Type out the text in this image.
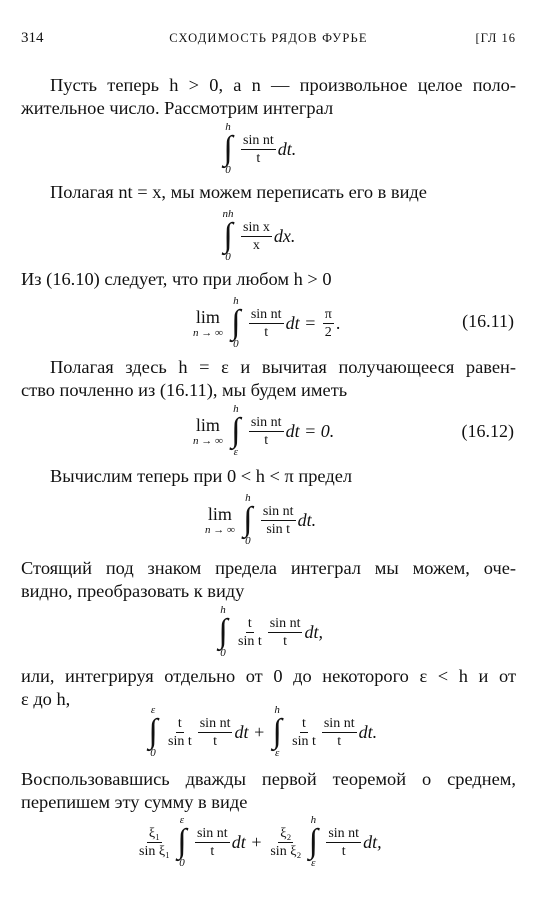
314	СХОДИМОСТЬ РЯДОВ ФУРЬЕ	[ГЛ 16

Пусть теперь h > 0, а n — произвольное целое поло-

жительное число. Рассмотрим интеграл

h
∫
0
$\frac{\text{sin nt}}{t}$ dt.

Полагая nt = x, мы можем переписать его в виде

nh
∫
0
$\frac{\text{sin x}}{x}$ dx.

Из (16.10) следует, что при любом h > 0

lim
n → ∞
h
∫
0
$\frac{\text{sin nt}}{t}$ dt = $\frac{\pi}{2}$ .	(16.11)

Полагая здесь h = ε и вычитая получающееся равен-

ство почленно из (16.11), мы будем иметь

lim
n → ∞
h
∫
ε
$\frac{\text{sin nt}}{t}$ dt = 0.	(16.12)

Вычислим теперь при 0 < h < π предел

lim
n → ∞
h
∫
0
$\frac{\text{sin nt}}{\text{sin t}}$ dt.

Стоящий под знаком предела интеграл мы можем, оче-

видно, преобразовать к виду

h
∫
0
$\frac{t}{\text{sin t}} \frac{\text{sin nt}}{t}$ dt,

или, интегрируя отдельно от 0 до некоторого ε < h и от

ε до h,

ε
∫
0
$\frac{t}{\text{sin t}} \frac{\text{sin nt}}{t}$ dt +
h
∫
ε
$\frac{t}{\text{sin t}} \frac{\text{sin nt}}{t}$ dt.

Воспользовавшись дважды первой теоремой о среднем,

перепишем эту сумму в виде

$\frac{\text{ξ₁}}{\text{sin ξ₁}}$
ε
∫
0
$\frac{\text{sin nt}}{t}$ dt + $\frac{\text{ξ₂}}{\text{sin ξ₂}}$
h
∫
ε
$\frac{\text{sin nt}}{t}$ dt,
